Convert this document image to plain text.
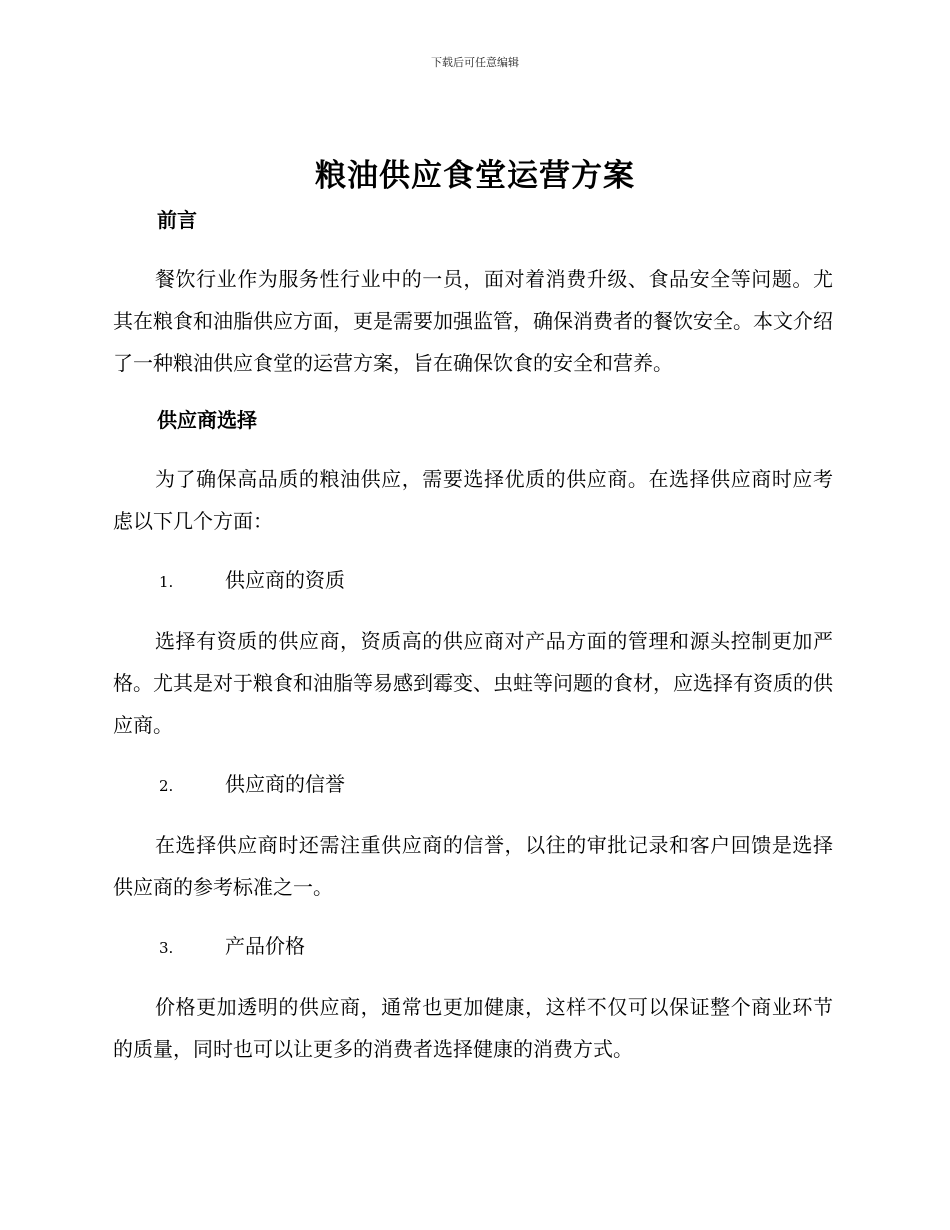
下载后可任意编辑
粮油供应食堂运营方案
前言

餐饮行业作为服务性行业中的一员，面对着消费升级、食品安全等问题。尤其在粮食和油脂供应方面，更是需要加强监管，确保消费者的餐饮安全。本文介绍了一种粮油供应食堂的运营方案，旨在确保饮食的安全和营养。

供应商选择

为了确保高品质的粮油供应，需要选择优质的供应商。在选择供应商时应考虑以下几个方面：

1.	供应商的资质

选择有资质的供应商，资质高的供应商对产品方面的管理和源头控制更加严格。尤其是对于粮食和油脂等易感到霉变、虫蛀等问题的食材，应选择有资质的供应商。

2.	供应商的信誉

在选择供应商时还需注重供应商的信誉，以往的审批记录和客户回馈是选择供应商的参考标准之一。

3.	产品价格

价格更加透明的供应商，通常也更加健康，这样不仅可以保证整个商业环节的质量，同时也可以让更多的消费者选择健康的消费方式。
